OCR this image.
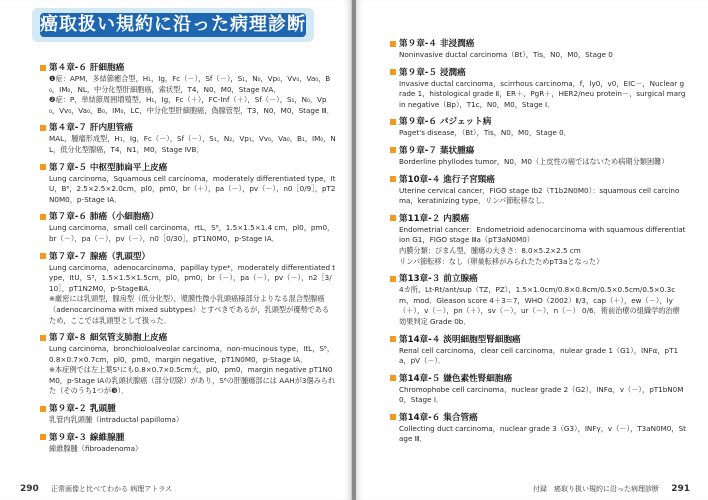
癌取扱い規約に沿った病理診断
第４章-６ 肝細胞癌
❶症：APM，多結節癒合型，H₁，Ig，Fc（－），Sf（－），S₁，N₀，Vp₀，Vv₀，Va₀，B₀，IM₀，NL，中分化型肝細胞癌，索状型，T4，N0，M0，Stage ⅣA．
❷症：P，単結節周囲増殖型，H₁，Ig，Fc（＋），FC-Inf（＋），Sf（－），S₁，N₀，Vp₀，Vv₀，Va₀，B₀，IM₀，LC，中分化型肝細胞癌，偽腺管型，T3，N0，M0，Stage Ⅲ．
第４章-７ 肝内胆管癌
MAL，腫瘤形成型，H₁，Ig，Fc（－），Sf（－），S₁，N₂，Vp₁，Vv₀，Va₀，B₁，IM₀，NL，低分化型腺癌，T4，N1，M0，Stage ⅣB．
第７章-５ 中枢型肺扁平上皮癌
Lung carcinoma，Squamous cell carcinoma，moderately differentiated type，ItU，B⁶，2.5×2.5×2.0cm，pl0，pm0，br（＋），pa（－），pv（－），n0［0/9］，pT2N0M0，p-Stage ⅠA．
第７章-６ 肺癌（小細胞癌）
Lung carcinoma，small cell carcinoma，rtL，S⁸，1.5×1.5×1.4 cm，pl0，pm0，br（－），pa（－），pv（－），n0［0/30］，pT1N0M0，p-Stage ⅠA．
第７章-７ 腺癌（乳頭型）
Lung carcinoma，adenocarcinoma，papillay type*，moderately differentiated type，ItU，S³，1.5×1.5×1.5cm，pl0，pm0，br（－），pa（－），pv（－），n2［3/10］，pT1N2M0，p-StageⅢA．
※厳密には乳頭型，腺房型（低分化型），漿膜性微小乳頭癌様部分よりなる混合型腺癌（adenocarcinoma with mixed subtypes）とすべきであるが，乳頭型が優勢であるため，ここでは乳頭型として扱った．
第７章-８ 細気管支肺胞上皮癌
Lung carcinoma，bronchioloalveolar carcinoma，non-mucinous type，ItL，S⁶，0.8×0.7×0.7cm，pl0，pm0，margin negative，pT1N0M0，p-Stage ⅠA．
※本症例では左上葉S¹にも0.8×0.7×0.5cm大，pl0，pm0，margin negative pT1N0M0，p-Stage ⅠAの乳頭状腺癌（部分切除）があり，S⁶の肝腫瘍部には AAHが3個みられた（そのうち1つが❸）．
第９章-２ 乳頭腫
乳管内乳頭腫（intraductal papilloma）
第９章-３ 線維腺腫
線維腺腫（fibroadenoma）
290 正常画像と比べてわかる 病理アトラス
第９章-４ 非浸潤癌
Noninvasive ductal carcinoma（Bt），Tis，N0，M0，Stage 0
第９章-５ 浸潤癌
Invasive ductal carcinoma，scirrhous carcinoma，f，ly0，v0，EIC－，Nuclear grade 1，histological grade Ⅱ，ER＋，PgR＋，HER2/neu protein－，surgical margin negative（Bp），T1c，N0，M0，Stage Ⅰ．
第９章-６ パジェット病
Paget's disease，（Bt），Tis，N0，M0，Stage 0．
第９章-７ 葉状腫瘍
Borderline phyllodes tumor，N0，M0（上皮性の癌ではないため病期分類困難）
第10章-４ 進行子宮頸癌
Uterine cervical cancer，FIGO stage Ⅰb2（T1b2N0M0）：squamous cell carcinoma，keratinizing type，リンパ節転移なし．
第11章-２ 内膜癌
Endometrial cancer：Endometrioid adenocarcinoma with squamous differentiation G1，FIGO stage Ⅲa（pT3aN0M0）
内膜分類：びまん型，腫瘍の大きさ：8.0×5.2×2.5 cm
リンパ節転移：なし（卵巣転移がみられたためpT3aとなった）
第13章-３ 前立腺癌
4カ所，Lt-Rt/ant/sup（TZ，PZ），1.5×1.0cm/0.8×0.8cm/0.5×0.5cm/0.5×0.3cm，mod．Gleason score 4＋3＝7，WHO（2002）Ⅱ/3，cap（＋），ew（－），ly（＋），v（－），pn（＋），sv（－），ur（－），n（－） 0/6．術前治療の組織学的治療効果判定 Grade 0b．
第14章-４ 淡明細胞型腎細胞癌
Renal cell carcinoma，clear cell carcinoma，nulear grade 1（G1），INFα，pT1a，pV（－）．
第14章-５ 嫌色素性腎細胞癌
Chromophobe cell carcinoma，nuclear grade 2（G2），INFα，v（－），pT1bN0M0，Stage Ⅰ．
第14章-６ 集合管癌
Collecting duct carcinoma，nuclear grade 3（G3），INFγ，v（－），T3aN0M0，Stage Ⅲ．
付録　癌取り扱い規約に沿った病理診断 291
